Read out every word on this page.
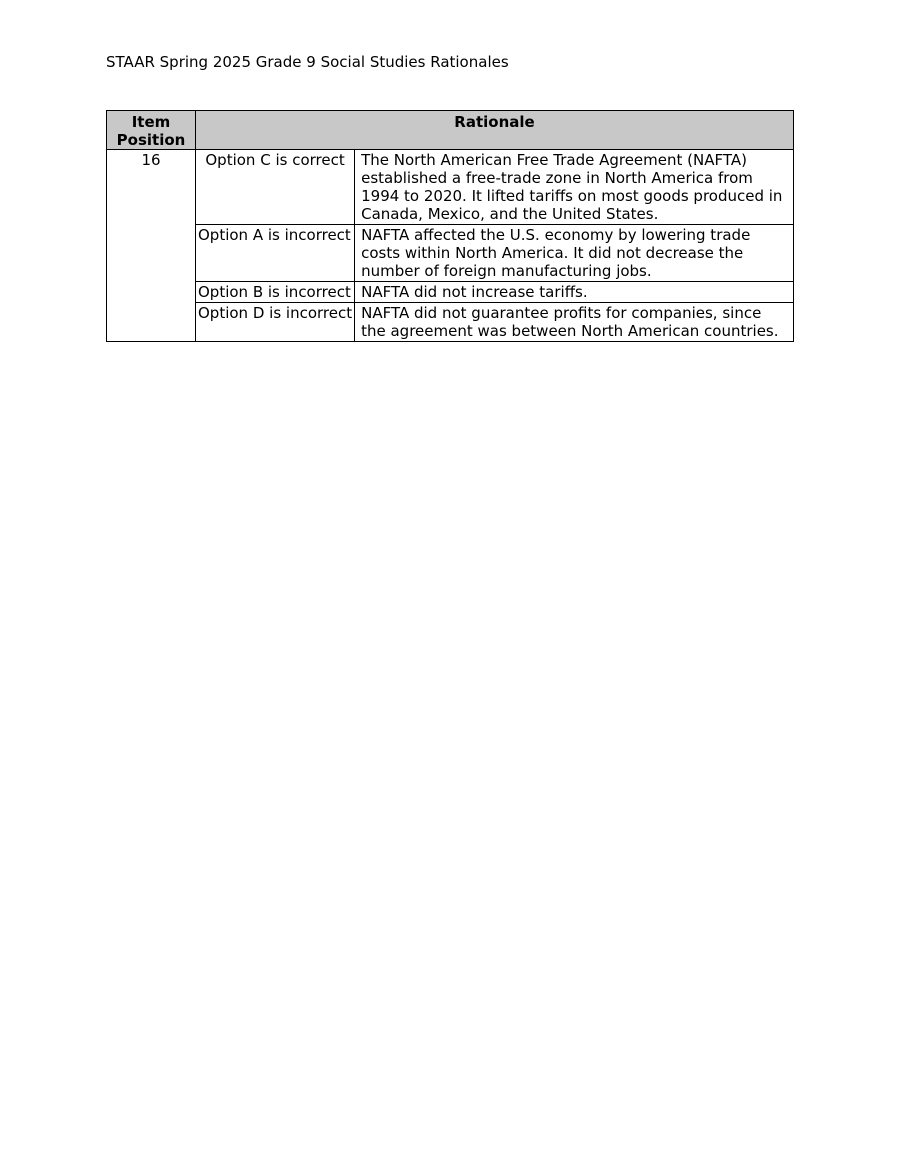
STAAR Spring 2025 Grade 9 Social Studies Rationales
Item Position	Rationale	
16	Option C is correct	The North American Free Trade Agreement (NAFTA) established a free-trade zone in North America from 1994 to 2020. It lifted tariffs on most goods produced in Canada, Mexico, and the United States.
	Option A is incorrect	NAFTA affected the U.S. economy by lowering trade costs within North America. It did not decrease the number of foreign manufacturing jobs.
	Option B is incorrect	NAFTA did not increase tariffs.
	Option D is incorrect	NAFTA did not guarantee profits for companies, since the agreement was between North American countries.
